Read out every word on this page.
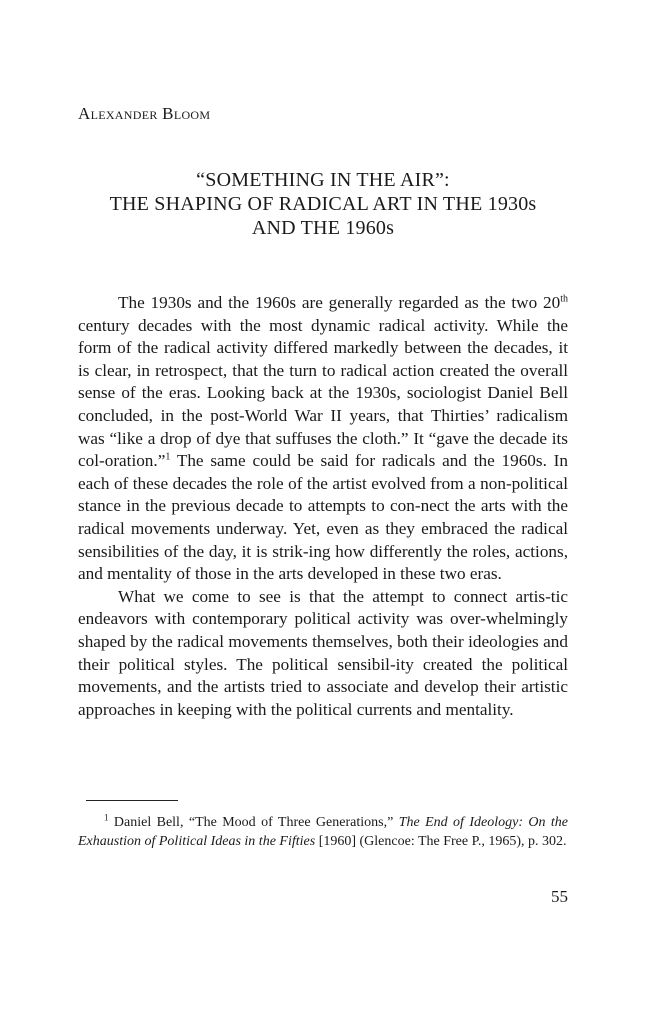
Alexander Bloom

“SOMETHING IN THE AIR”:
THE SHAPING OF RADICAL ART IN THE 1930s
AND THE 1960s

The 1930s and the 1960s are generally regarded as the two 20th century decades with the most dynamic radical activity. While the form of the radical activity differed markedly between the decades, it is clear, in retrospect, that the turn to radical action created the overall sense of the eras. Looking back at the 1930s, sociologist Daniel Bell concluded, in the post-World War II years, that Thirties’ radicalism was “like a drop of dye that suffuses the cloth.” It “gave the decade its col-oration.”$^1$ The same could be said for radicals and the 1960s. In each of these decades the role of the artist evolved from a non-political stance in the previous decade to attempts to con-nect the arts with the radical movements underway. Yet, even as they embraced the radical sensibilities of the day, it is strik-ing how differently the roles, actions, and mentality of those in the arts developed in these two eras.

What we come to see is that the attempt to connect artis-tic endeavors with contemporary political activity was over-whelmingly shaped by the radical movements themselves, both their ideologies and their political styles. The political sensibil-ity created the political movements, and the artists tried to associate and develop their artistic approaches in keeping with the political currents and mentality.

$^1$ Daniel Bell, “The Mood of Three Generations,” The End of Ideology: On the Exhaustion of Political Ideas in the Fifties [1960] (Glencoe: The Free P., 1965), p. 302.

55
